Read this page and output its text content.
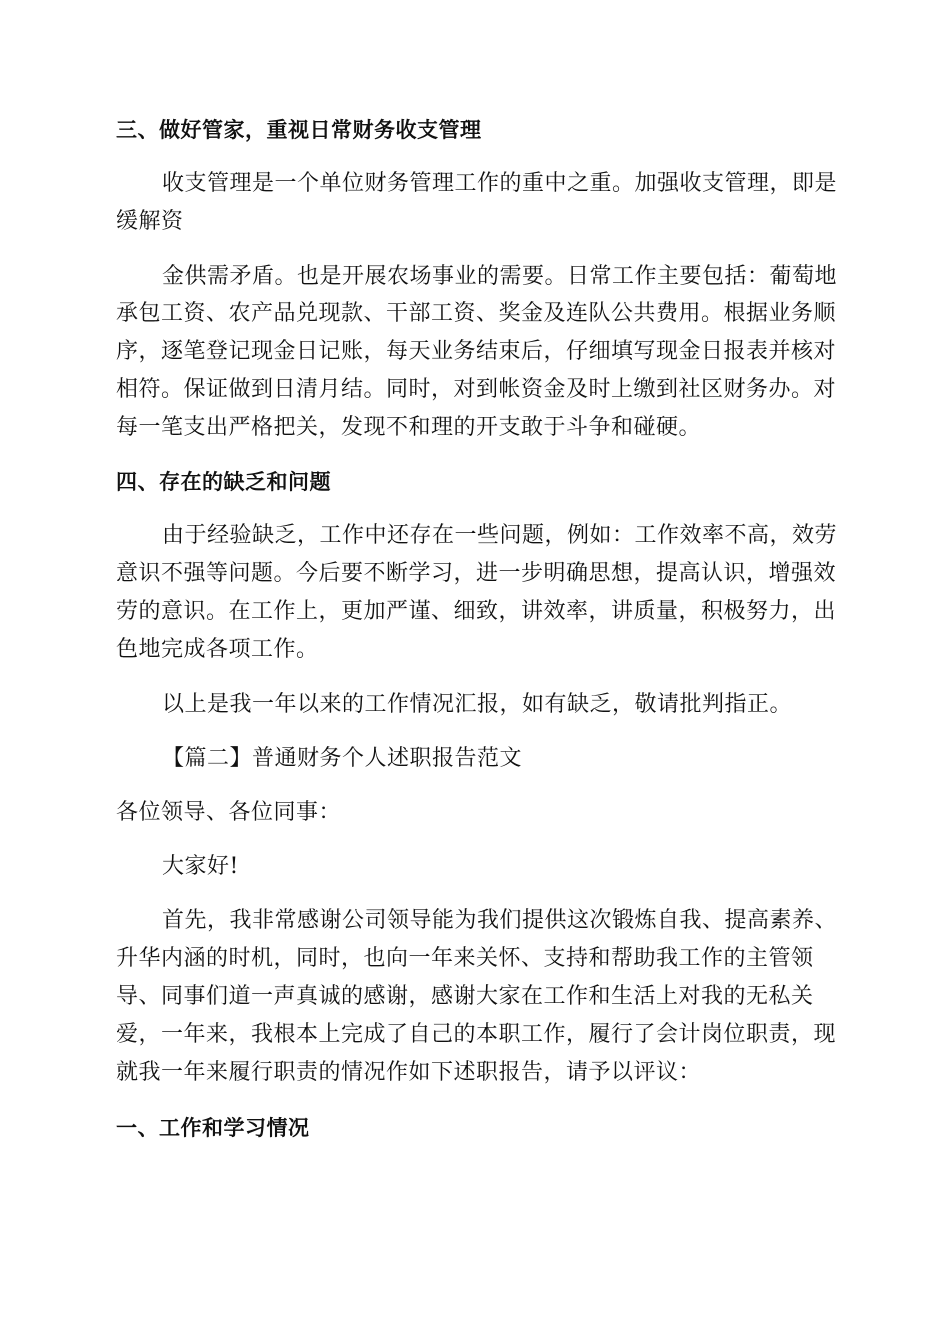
三、做好管家，重视日常财务收支管理
收支管理是一个单位财务管理工作的重中之重。加强收支管理，即是
缓解资
金供需矛盾。也是开展农场事业的需要。日常工作主要包括：葡萄地
承包工资、农产品兑现款、干部工资、奖金及连队公共费用。根据业务顺
序，逐笔登记现金日记账，每天业务结束后，仔细填写现金日报表并核对
相符。保证做到日清月结。同时，对到帐资金及时上缴到社区财务办。对
每一笔支出严格把关，发现不和理的开支敢于斗争和碰硬。
四、存在的缺乏和问题
由于经验缺乏，工作中还存在一些问题，例如：工作效率不高，效劳
意识不强等问题。今后要不断学习，进一步明确思想，提高认识，增强效
劳的意识。在工作上，更加严谨、细致，讲效率，讲质量，积极努力，出
色地完成各项工作。
以上是我一年以来的工作情况汇报，如有缺乏，敬请批判指正。
【篇二】普通财务个人述职报告范文
各位领导、各位同事：
大家好!
首先，我非常感谢公司领导能为我们提供这次锻炼自我、提高素养、
升华内涵的时机，同时，也向一年来关怀、支持和帮助我工作的主管领
导、同事们道一声真诚的感谢，感谢大家在工作和生活上对我的无私关
爱，一年来，我根本上完成了自己的本职工作，履行了会计岗位职责，现
就我一年来履行职责的情况作如下述职报告，请予以评议：
一、工作和学习情况
